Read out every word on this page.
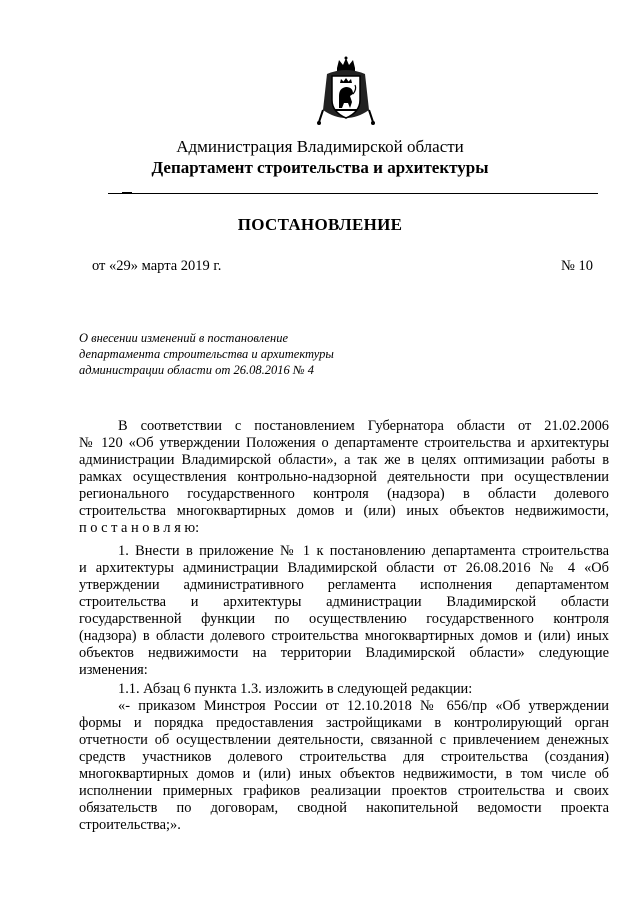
Администрация Владимирской области
Департамент строительства и архитектуры
ПОСТАНОВЛЕНИЕ
от «29» марта 2019 г.	№ 10
О внесении изменений в постановление
департамента строительства и архитектуры
администрации области от 26.08.2016 № 4
В соответствии с постановлением Губернатора области от 21.02.2006
№ 120 «Об утверждении Положения о департаменте строительства и архитектуры
администрации Владимирской области», а так же в целях оптимизации работы в
рамках осуществления контрольно-надзорной деятельности при осуществлении
регионального государственного контроля (надзора) в области долевого
строительства многоквартирных домов и (или) иных объектов недвижимости,
п о с т а н о в л я ю:
1. Внести в приложение № 1 к постановлению департамента строительства
и архитектуры администрации Владимирской области от 26.08.2016 № 4 «Об
утверждении административного регламента исполнения департаментом
строительства и архитектуры администрации Владимирской области
государственной функции по осуществлению государственного контроля
(надзора) в области долевого строительства многоквартирных домов и (или) иных
объектов недвижимости на территории Владимирской области» следующие
изменения:
1.1. Абзац 6 пункта 1.3. изложить в следующей редакции:
«- приказом Минстроя России от 12.10.2018 № 656/пр «Об утверждении
формы и порядка предоставления застройщиками в контролирующий орган
отчетности об осуществлении деятельности, связанной с привлечением денежных
средств участников долевого строительства для строительства (создания)
многоквартирных домов и (или) иных объектов недвижимости, в том числе об
исполнении примерных графиков реализации проектов строительства и своих
обязательств по договорам, сводной накопительной ведомости проекта
строительства;».
